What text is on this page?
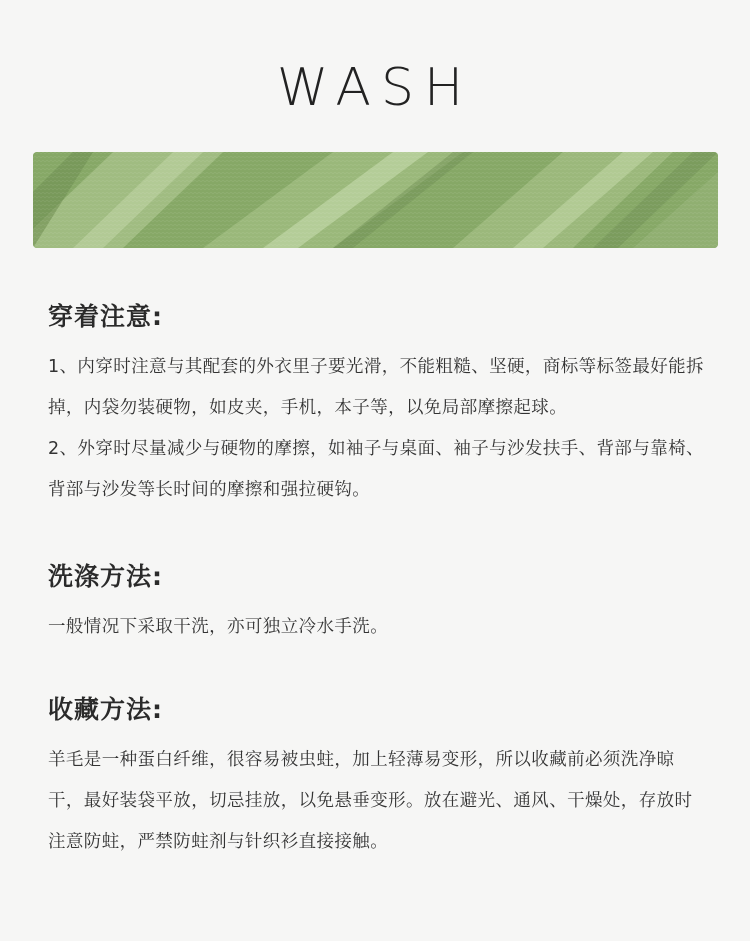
WASH
穿着注意:

1、内穿时注意与其配套的外衣里子要光滑，不能粗糙、坚硬，商标等标签最好能拆掉，内袋勿装硬物，如皮夹，手机，本子等，以免局部摩擦起球。

2、外穿时尽量减少与硬物的摩擦，如袖子与桌面、袖子与沙发扶手、背部与靠椅、背部与沙发等长时间的摩擦和强拉硬钩。

洗涤方法:

一般情况下采取干洗，亦可独立冷水手洗。

收藏方法:

羊毛是一种蛋白纤维，很容易被虫蛀，加上轻薄易变形，所以收藏前必须洗净晾干，最好装袋平放，切忌挂放，以免悬垂变形。放在避光、通风、干燥处，存放时注意防蛀，严禁防蛀剂与针织衫直接接触。
